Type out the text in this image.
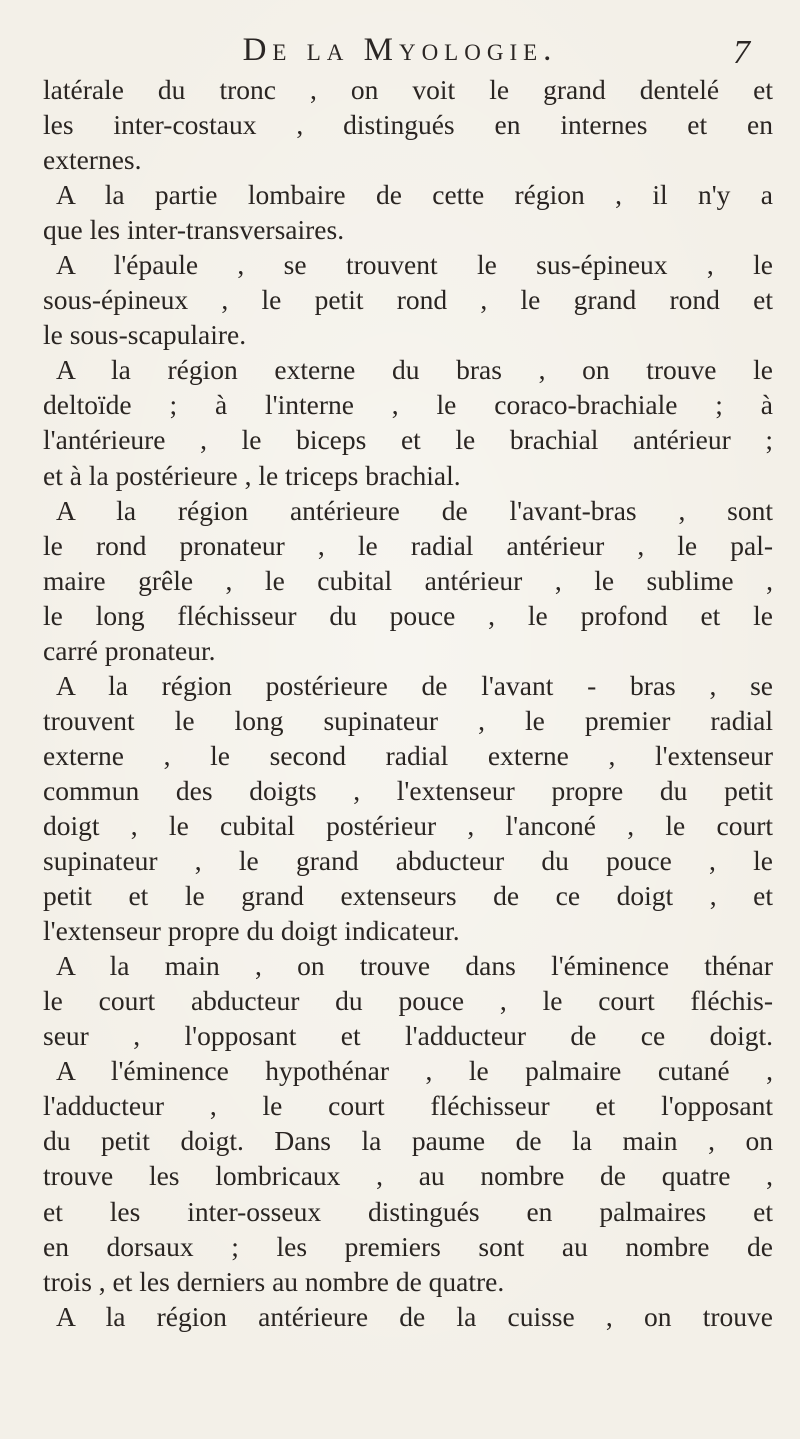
De la Myologie.	7
latérale du tronc , on voit le grand dentelé et
les inter-costaux , distingués en internes et en
externes.
A la partie lombaire de cette région , il n'y a
que les inter-transversaires.
A l'épaule , se trouvent le sus-épineux , le
sous-épineux , le petit rond , le grand rond et
le sous-scapulaire.
A la région externe du bras , on trouve le
deltoïde ; à l'interne , le coraco-brachiale ; à
l'antérieure , le biceps et le brachial antérieur ;
et à la postérieure , le triceps brachial.
A la région antérieure de l'avant-bras , sont
le rond pronateur , le radial antérieur , le pal-
maire grêle , le cubital antérieur , le sublime ,
le long fléchisseur du pouce , le profond et le
carré pronateur.
A la région postérieure de l'avant - bras , se
trouvent le long supinateur , le premier radial
externe , le second radial externe , l'extenseur
commun des doigts , l'extenseur propre du petit
doigt , le cubital postérieur , l'anconé , le court
supinateur , le grand abducteur du pouce , le
petit et le grand extenseurs de ce doigt , et
l'extenseur propre du doigt indicateur.
A la main , on trouve dans l'éminence thénar
le court abducteur du pouce , le court fléchis-
seur , l'opposant et l'adducteur de ce doigt.
A l'éminence hypothénar , le palmaire cutané ,
l'adducteur , le court fléchisseur et l'opposant
du petit doigt. Dans la paume de la main , on
trouve les lombricaux , au nombre de quatre ,
et les inter-osseux distingués en palmaires et
en dorsaux ; les premiers sont au nombre de
trois , et les derniers au nombre de quatre.
A la région antérieure de la cuisse , on trouve
